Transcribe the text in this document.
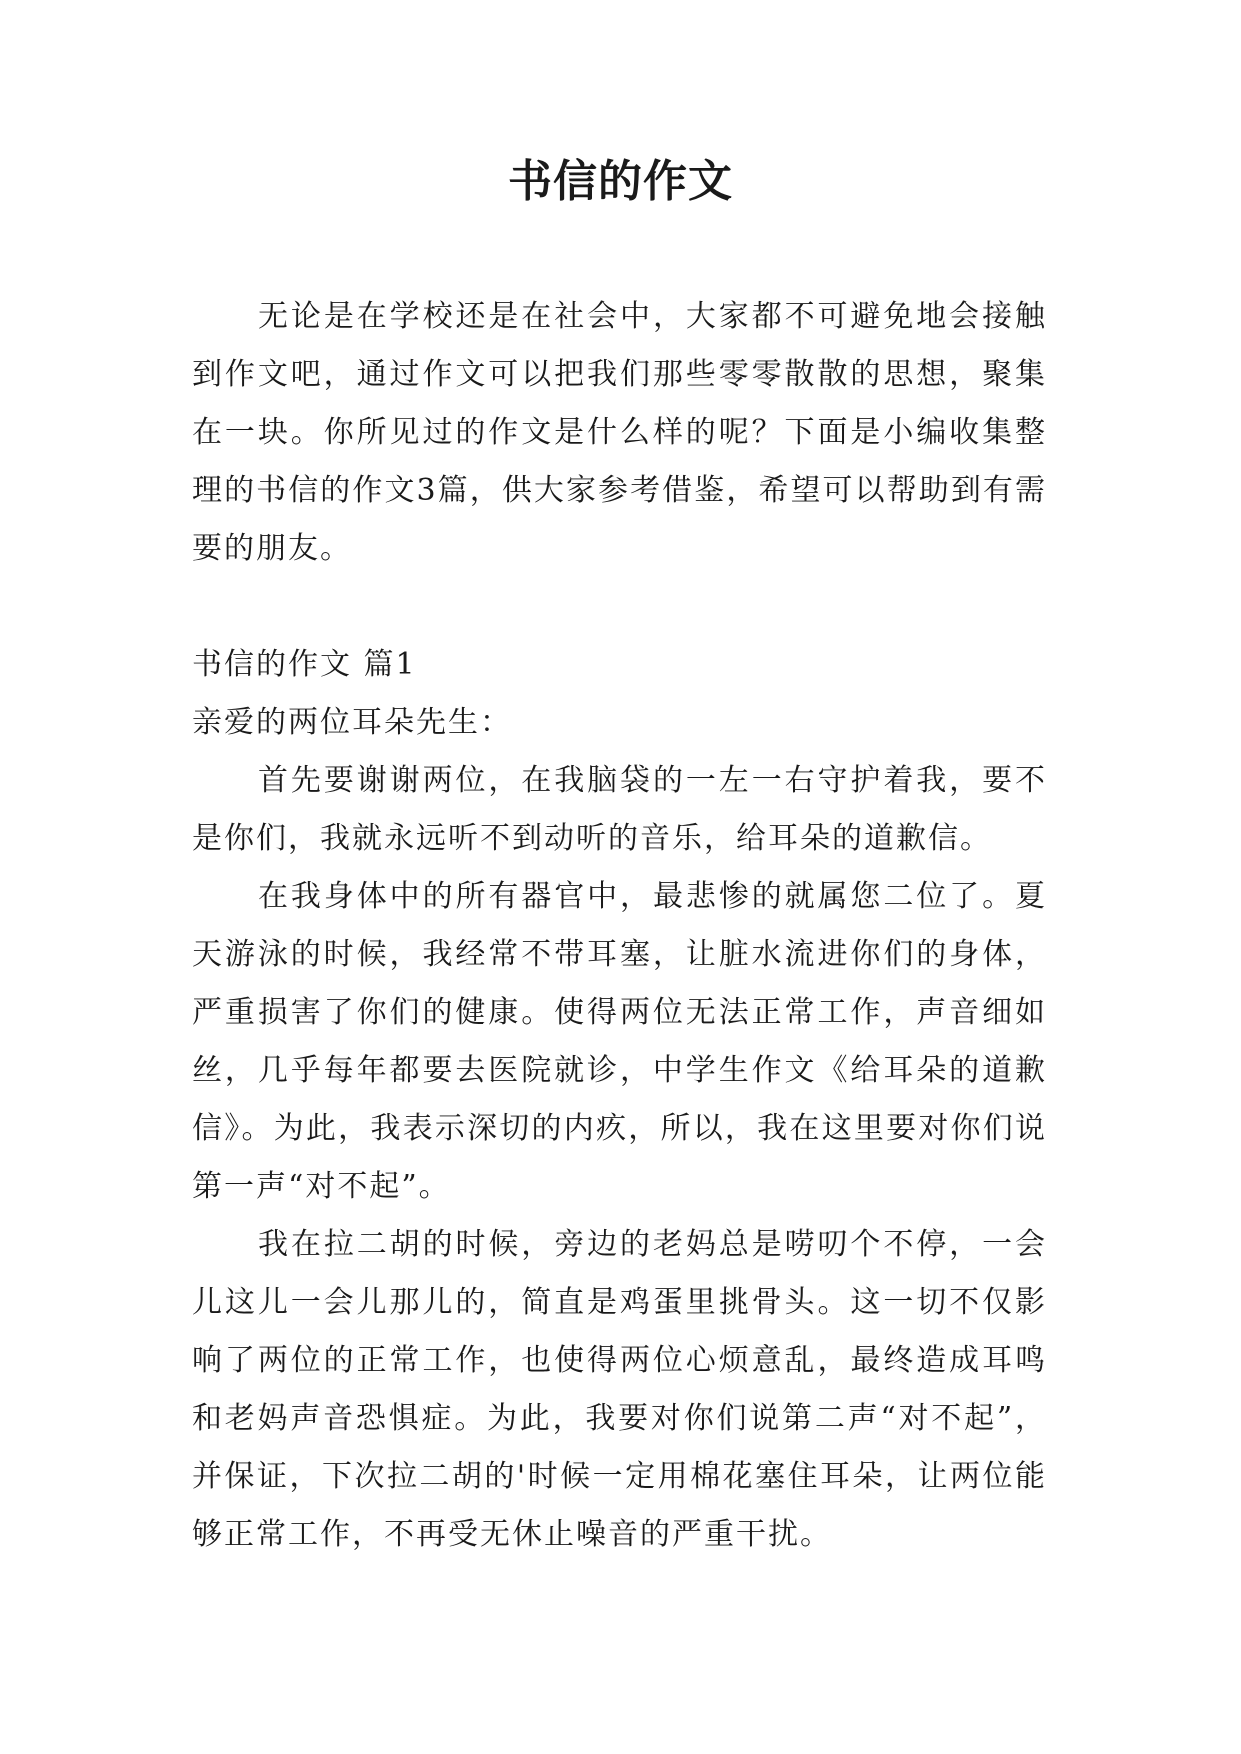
书信的作文

无论是在学校还是在社会中，大家都不可避免地会接触到作文吧，通过作文可以把我们那些零零散散的思想，聚集在一块。你所见过的作文是什么样的呢？下面是小编收集整理的书信的作文3篇，供大家参考借鉴，希望可以帮助到有需要的朋友。

书信的作文 篇1

亲爱的两位耳朵先生：

首先要谢谢两位，在我脑袋的一左一右守护着我，要不是你们，我就永远听不到动听的音乐，给耳朵的道歉信。

在我身体中的所有器官中，最悲惨的就属您二位了。夏天游泳的时候，我经常不带耳塞，让脏水流进你们的身体，严重损害了你们的健康。使得两位无法正常工作，声音细如丝，几乎每年都要去医院就诊，中学生作文《给耳朵的道歉信》。为此，我表示深切的内疚，所以，我在这里要对你们说第一声“对不起”。

我在拉二胡的时候，旁边的老妈总是唠叨个不停，一会儿这儿一会儿那儿的，简直是鸡蛋里挑骨头。这一切不仅影响了两位的正常工作，也使得两位心烦意乱，最终造成耳鸣和老妈声音恐惧症。为此，我要对你们说第二声“对不起”，并保证，下次拉二胡的'时候一定用棉花塞住耳朵，让两位能够正常工作，不再受无休止噪音的严重干扰。
